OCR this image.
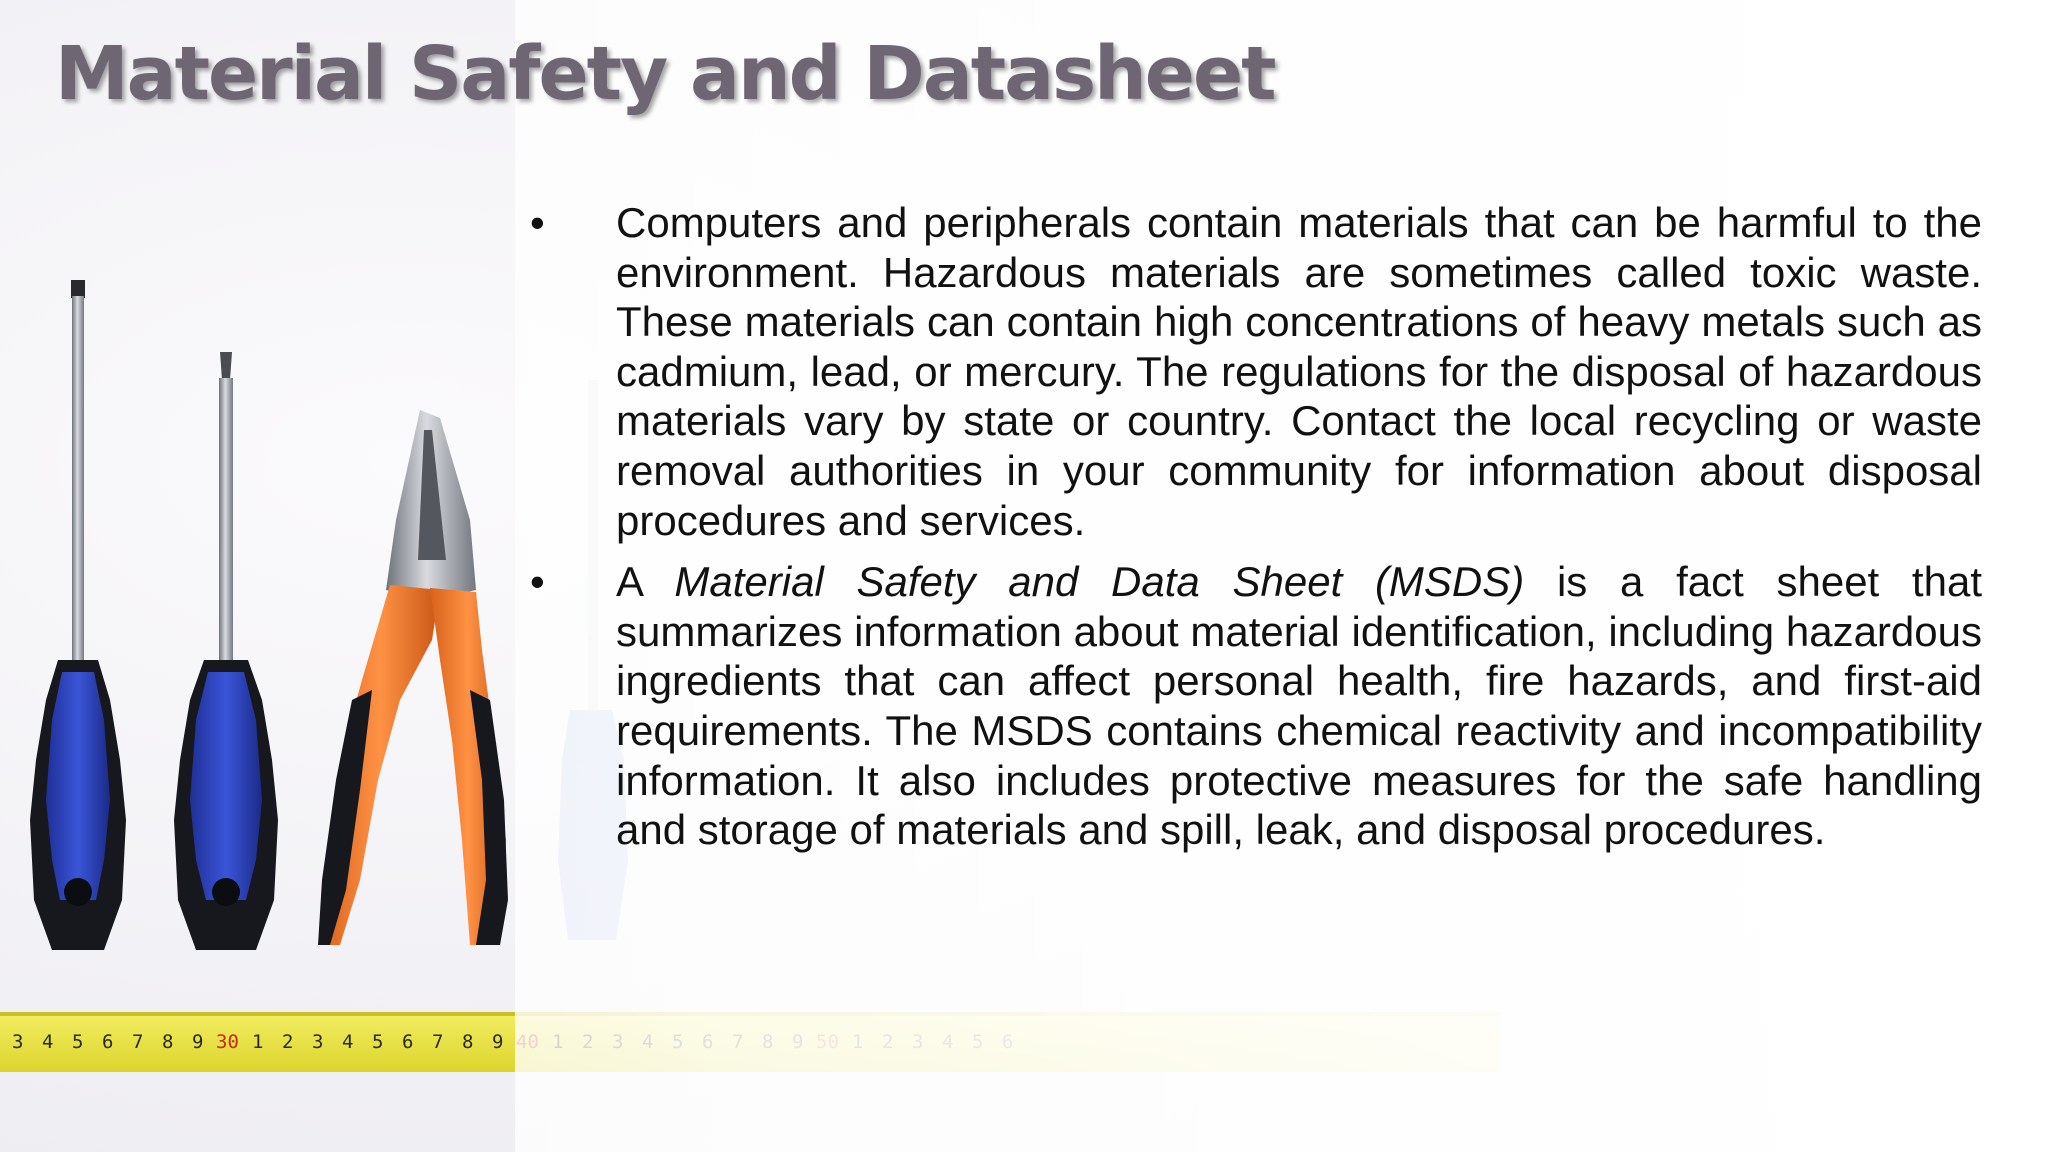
3 4 5 6 7 8 9 30 1 2 3 4 5 6 7 8 9
Material Safety and Datasheet
•	Computers and peripherals contain materials that can be harmful to the environment. Hazardous materials are sometimes called toxic waste. These materials can contain high concentrations of heavy metals such as cadmium, lead, or mercury. The regulations for the disposal of hazardous materials vary by state or country. Contact the local recycling or waste removal authorities in your community for information about disposal procedures and services.
•	A Material Safety and Data Sheet (MSDS) is a fact sheet that summarizes information about material identification, including hazardous ingredients that can affect personal health, fire hazards, and first-aid requirements. The MSDS contains chemical reactivity and incompatibility information. It also includes protective measures for the safe handling and storage of materials and spill, leak, and disposal procedures.
